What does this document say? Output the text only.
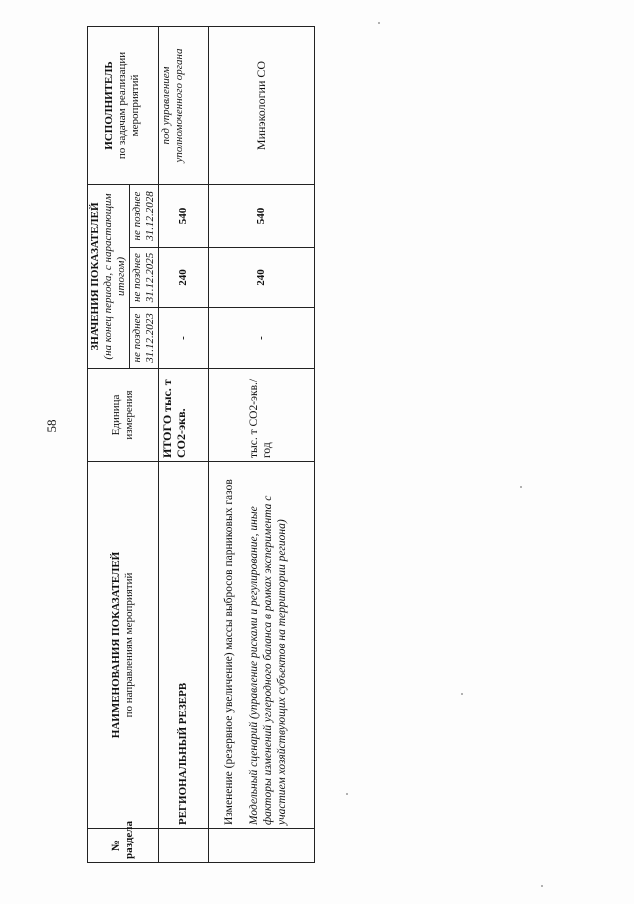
58
№
раздела	НАИМЕНОВАНИЯ ПОКАЗАТЕЛЕЙ по направлениям мероприятий	Единица измерения	ЗНАЧЕНИЯ ПОКАЗАТЕЛЕЙ (на конец периода, с нарастающим итогом)			ИСПОЛНИТЕЛЬ по задачам реализации мероприятий

			не позднее 31.12.2023	не позднее 31.12.2025	не позднее 31.12.2028	
	РЕГИОНАЛЬНЫЙ РЕЗЕРВ	ИТОГО тыс. т СО2-экв.	-	240	540	под управлением уполномоченного органа

	Изменение (резервное увеличение) массы выбросов парниковых газов Модельный сценарий (управление рисками и регулирование, иные факторы изменений углеродного баланса в рамках эксперимента с участием хозяйствующих субъектов на территории региона)	тыс. т СО2-экв./год	-	240	540	Минэкологии СО
